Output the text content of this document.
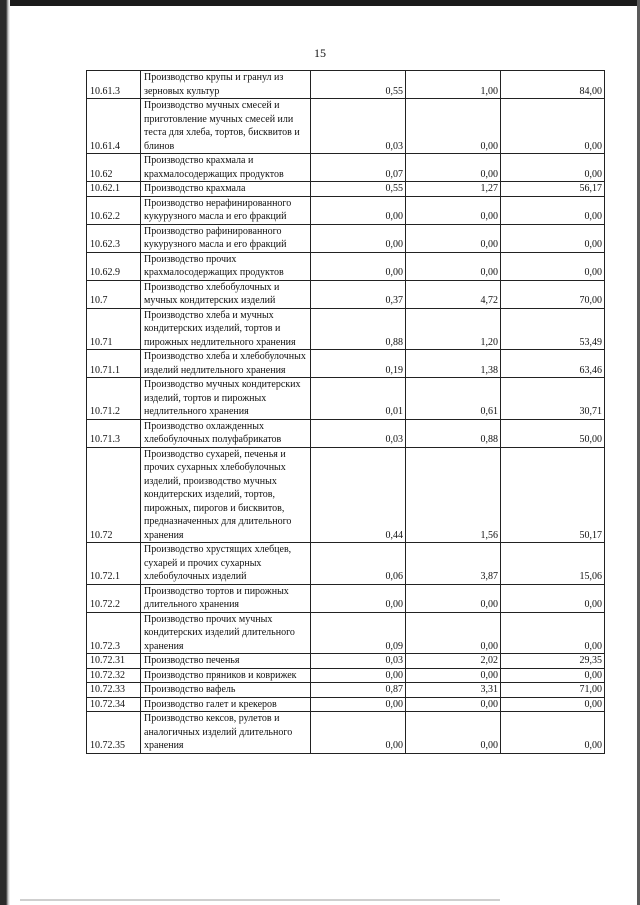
15
10.61.3	Производство крупы и гранул из зерновых культур	0,55	1,00	84,00
10.61.4	Производство мучных смесей и приготовление мучных смесей или теста для хлеба, тортов, бисквитов и блинов	0,03	0,00	0,00
10.62	Производство крахмала и крахмалосодержащих продуктов	0,07	0,00	0,00
10.62.1	Производство крахмала	0,55	1,27	56,17
10.62.2	Производство нерафинированного кукурузного масла и его фракций	0,00	0,00	0,00
10.62.3	Производство рафинированного кукурузного масла и его фракций	0,00	0,00	0,00
10.62.9	Производство прочих крахмалосодержащих продуктов	0,00	0,00	0,00
10.7	Производство хлебобулочных и мучных кондитерских изделий	0,37	4,72	70,00
10.71	Производство хлеба и мучных кондитерских изделий, тортов и пирожных недлительного хранения	0,88	1,20	53,49
10.71.1	Производство хлеба и хлебобулочных изделий недлительного хранения	0,19	1,38	63,46
10.71.2	Производство мучных кондитерских изделий, тортов и пирожных недлительного хранения	0,01	0,61	30,71
10.71.3	Производство охлажденных хлебобулочных полуфабрикатов	0,03	0,88	50,00
10.72	Производство сухарей, печенья и прочих сухарных хлебобулочных изделий, производство мучных кондитерских изделий, тортов, пирожных, пирогов и бисквитов, предназначенных для длительного хранения	0,44	1,56	50,17
10.72.1	Производство хрустящих хлебцев, сухарей и прочих сухарных хлебобулочных изделий	0,06	3,87	15,06
10.72.2	Производство тортов и пирожных длительного хранения	0,00	0,00	0,00
10.72.3	Производство прочих мучных кондитерских изделий длительного хранения	0,09	0,00	0,00
10.72.31	Производство печенья	0,03	2,02	29,35
10.72.32	Производство пряников и коврижек	0,00	0,00	0,00
10.72.33	Производство вафель	0,87	3,31	71,00
10.72.34	Производство галет и крекеров	0,00	0,00	0,00
10.72.35	Производство кексов, рулетов и аналогичных изделий длительного хранения	0,00	0,00	0,00
